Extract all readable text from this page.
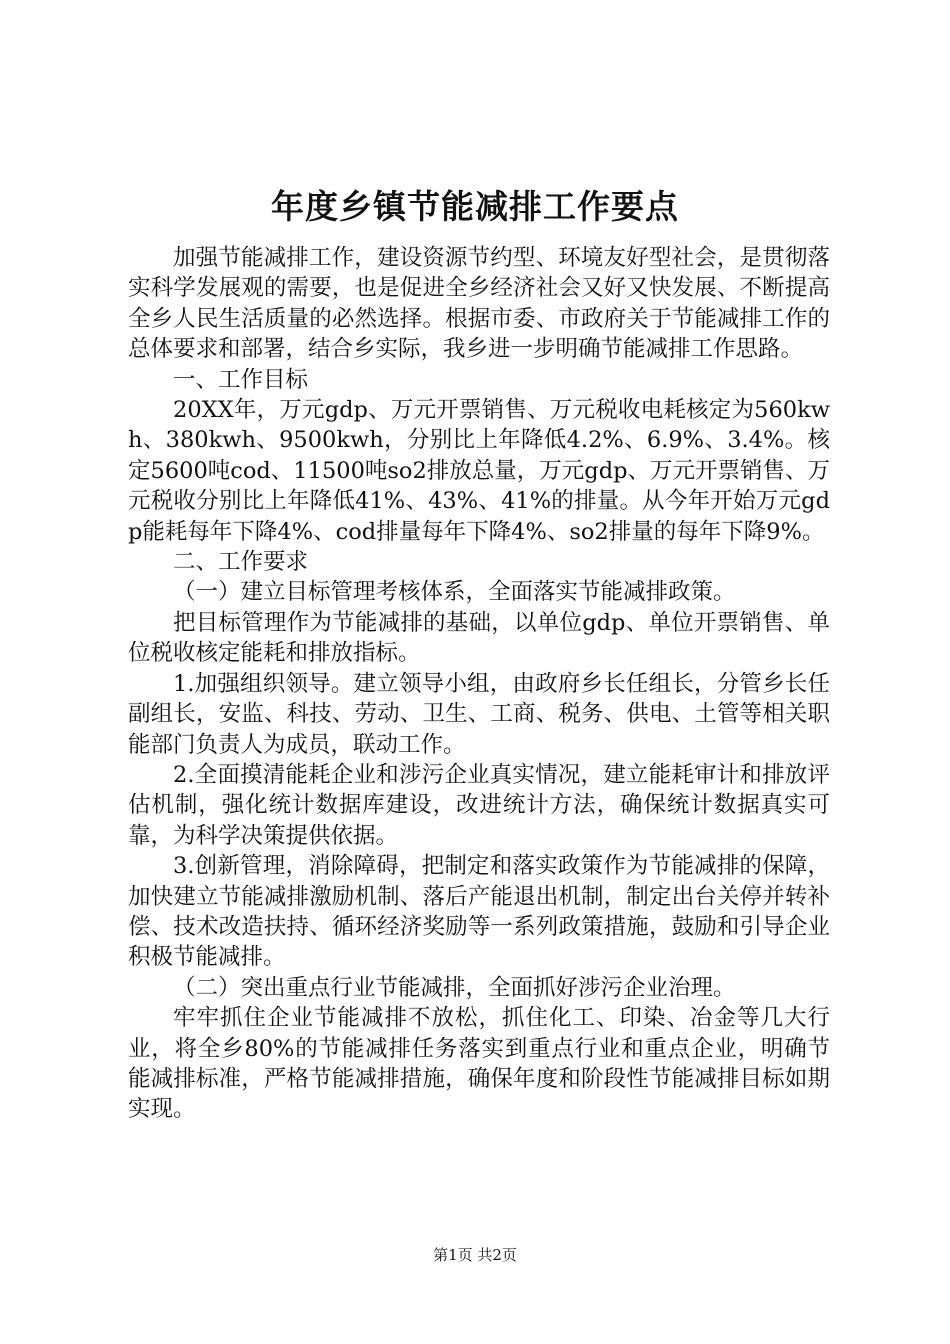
年度乡镇节能减排工作要点

加强节能减排工作，建设资源节约型、环境友好型社会，是贯彻落实科学发展观的需要，也是促进全乡经济社会又好又快发展、不断提高全乡人民生活质量的必然选择。根据市委、市政府关于节能减排工作的总体要求和部署，结合乡实际，我乡进一步明确节能减排工作思路。

一、工作目标

20XX年，万元gdp、万元开票销售、万元税收电耗核定为560kwh、380kwh、9500kwh，分别比上年降低4.2%、6.9%、3.4%。核定5600吨cod、11500吨so2排放总量，万元gdp、万元开票销售、万元税收分别比上年降低41%、43%、41%的排量。从今年开始万元gdp能耗每年下降4%、cod排量每年下降4%、so2排量的每年下降9%。

二、工作要求

（一）建立目标管理考核体系，全面落实节能减排政策。

把目标管理作为节能减排的基础，以单位gdp、单位开票销售、单位税收核定能耗和排放指标。

1.加强组织领导。建立领导小组，由政府乡长任组长，分管乡长任副组长，安监、科技、劳动、卫生、工商、税务、供电、土管等相关职能部门负责人为成员，联动工作。

2.全面摸清能耗企业和涉污企业真实情况，建立能耗审计和排放评估机制，强化统计数据库建设，改进统计方法，确保统计数据真实可靠，为科学决策提供依据。

3.创新管理，消除障碍，把制定和落实政策作为节能减排的保障，加快建立节能减排激励机制、落后产能退出机制，制定出台关停并转补偿、技术改造扶持、循环经济奖励等一系列政策措施，鼓励和引导企业积极节能减排。

（二）突出重点行业节能减排，全面抓好涉污企业治理。

牢牢抓住企业节能减排不放松，抓住化工、印染、冶金等几大行业，将全乡80%的节能减排任务落实到重点行业和重点企业，明确节能减排标准，严格节能减排措施，确保年度和阶段性节能减排目标如期实现。

第1页 共2页
